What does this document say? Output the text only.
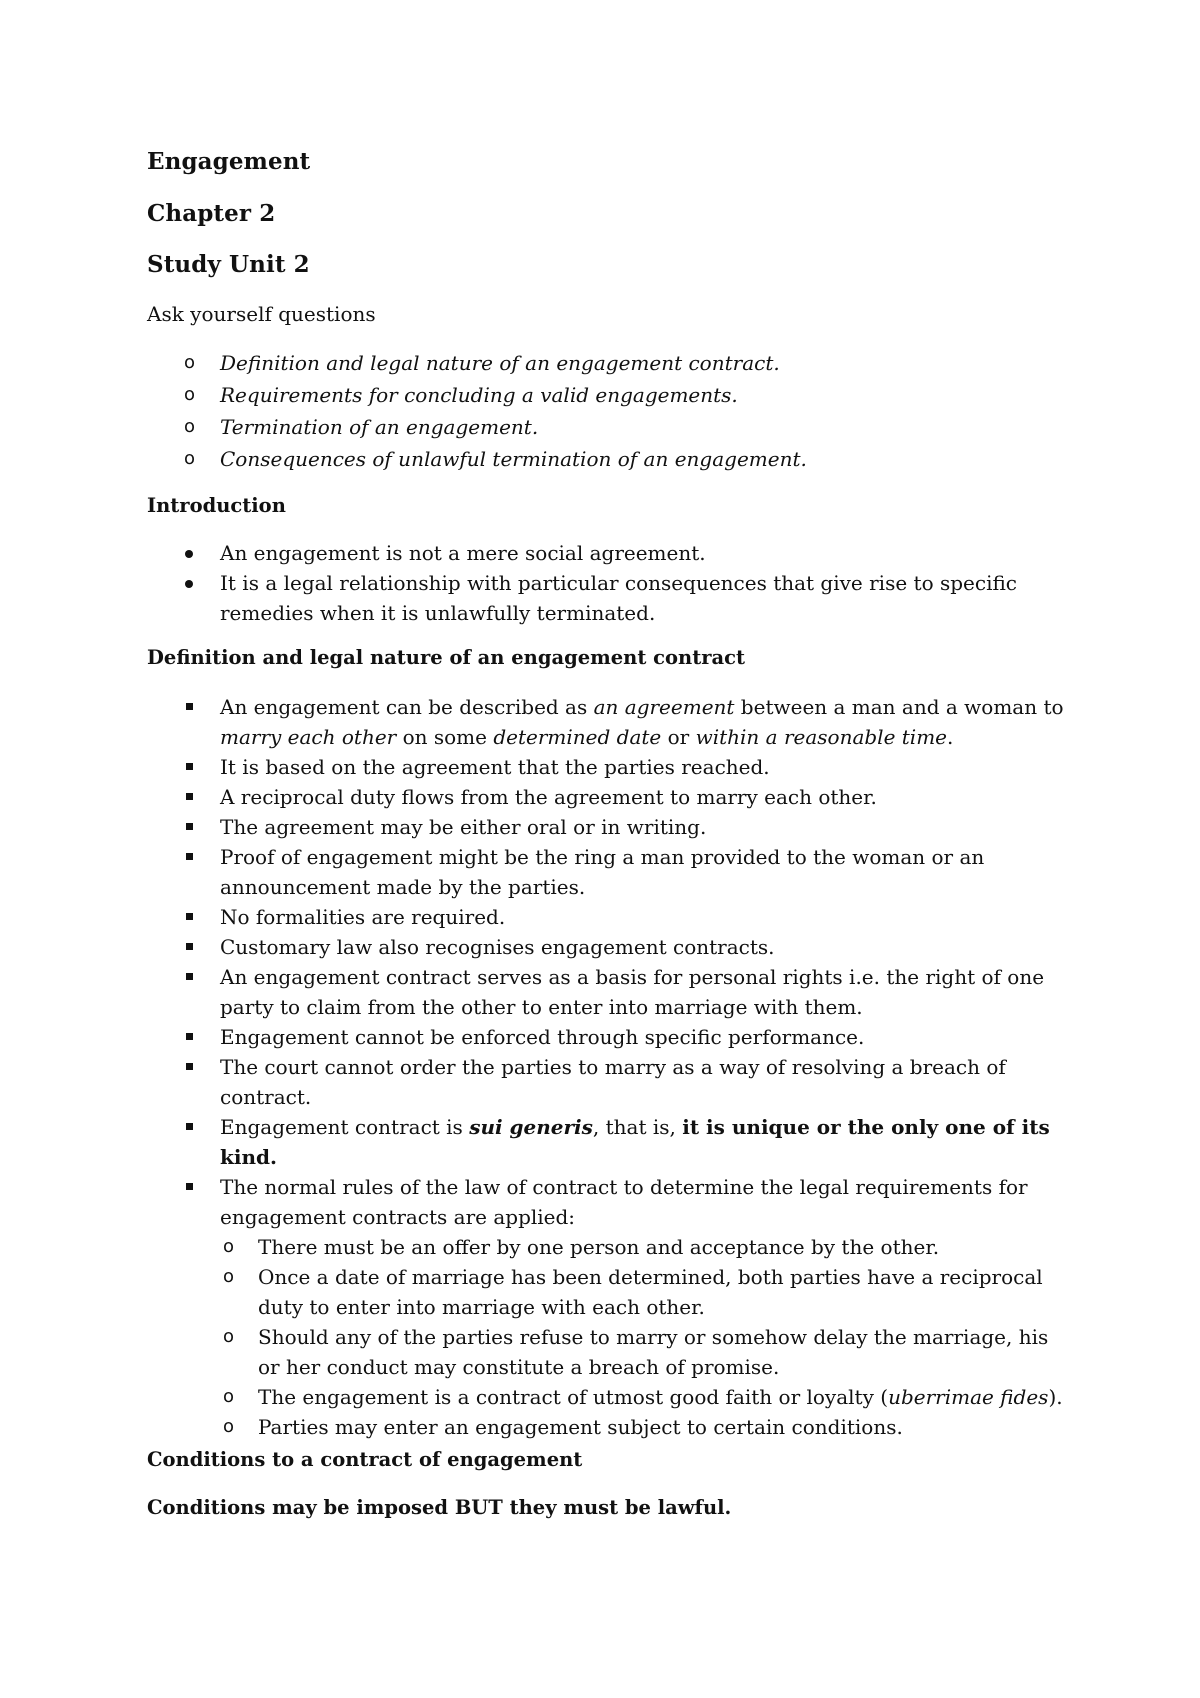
Engagement
Chapter 2
Study Unit 2
Ask yourself questions
o Definition and legal nature of an engagement contract.
o Requirements for concluding a valid engagements.
o Termination of an engagement.
o Consequences of unlawful termination of an engagement.
Introduction
An engagement is not a mere social agreement.
It is a legal relationship with particular consequences that give rise to specific remedies when it is unlawfully terminated.
Definition and legal nature of an engagement contract
An engagement can be described as an agreement between a man and a woman to marry each other on some determined date or within a reasonable time.
It is based on the agreement that the parties reached.
A reciprocal duty flows from the agreement to marry each other.
The agreement may be either oral or in writing.
Proof of engagement might be the ring a man provided to the woman or an announcement made by the parties.
No formalities are required.
Customary law also recognises engagement contracts.
An engagement contract serves as a basis for personal rights i.e. the right of one party to claim from the other to enter into marriage with them.
Engagement cannot be enforced through specific performance.
The court cannot order the parties to marry as a way of resolving a breach of contract.
Engagement contract is sui generis, that is, it is unique or the only one of its kind.
The normal rules of the law of contract to determine the legal requirements for engagement contracts are applied:
o There must be an offer by one person and acceptance by the other.
o Once a date of marriage has been determined, both parties have a reciprocal duty to enter into marriage with each other.
o Should any of the parties refuse to marry or somehow delay the marriage, his or her conduct may constitute a breach of promise.
o The engagement is a contract of utmost good faith or loyalty (uberrimae fides).
o Parties may enter an engagement subject to certain conditions.
Conditions to a contract of engagement
Conditions may be imposed BUT they must be lawful.
